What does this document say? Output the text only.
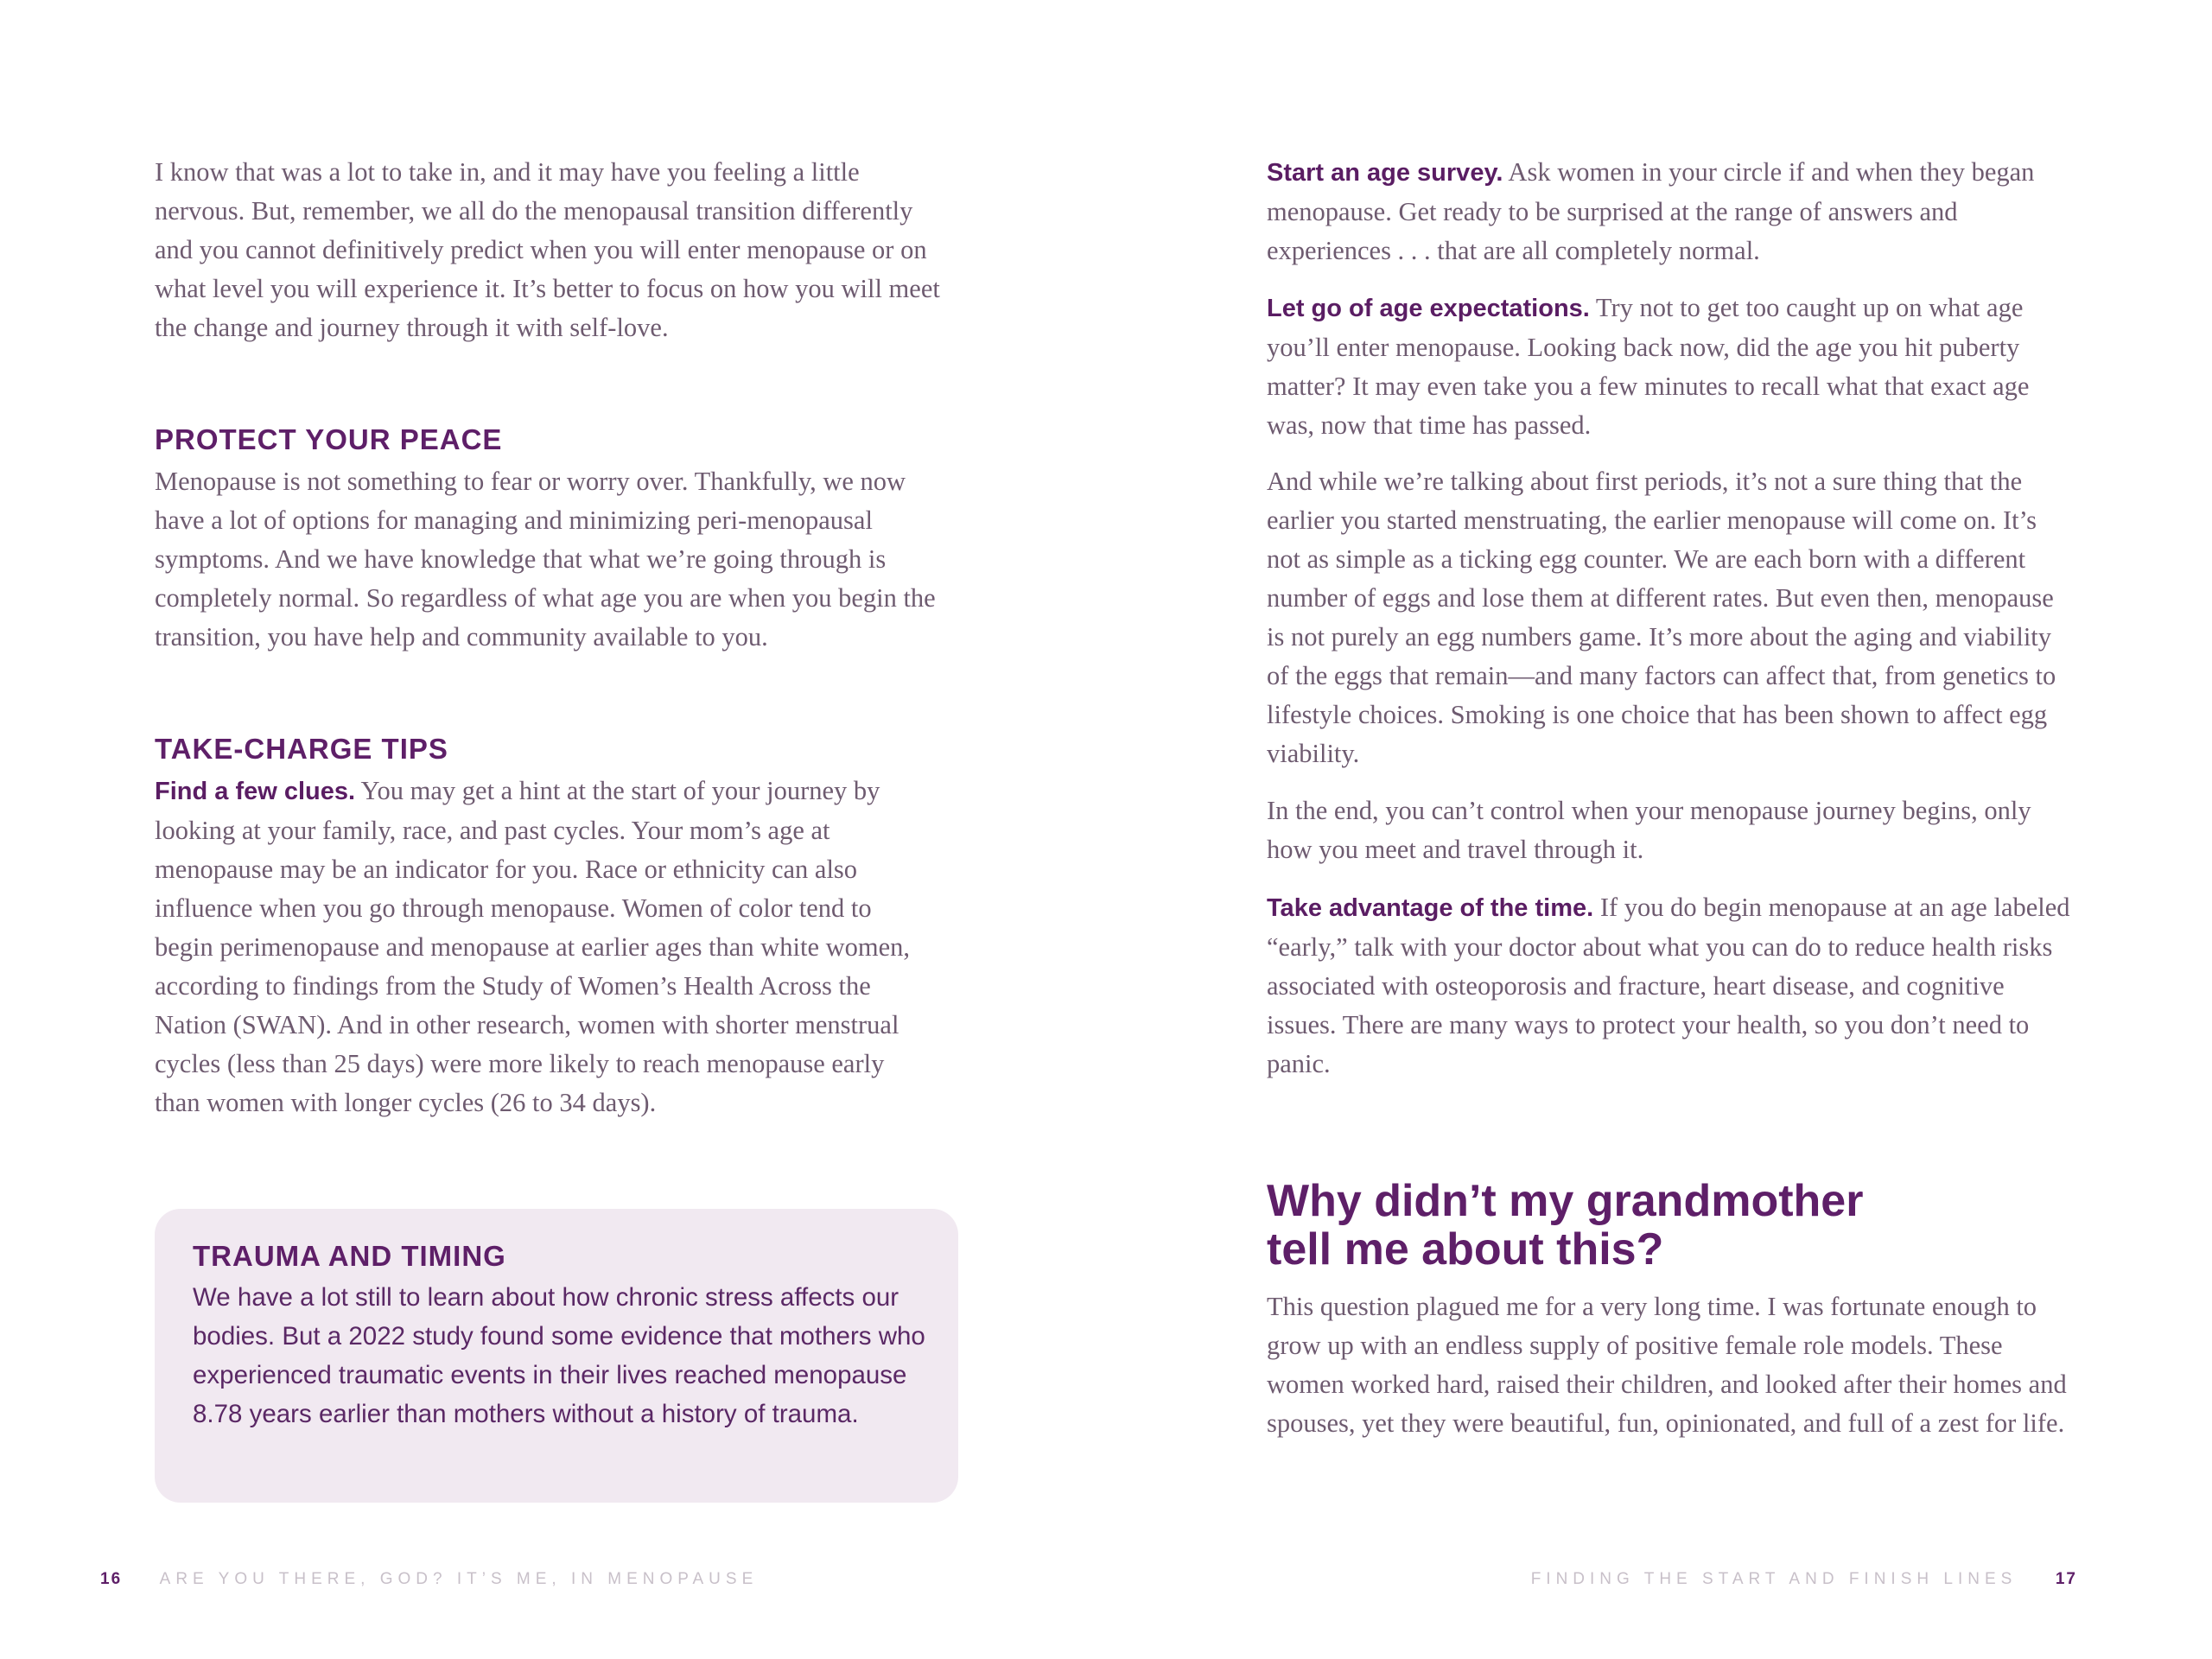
I know that was a lot to take in, and it may have you feeling a little nervous. But, remember, we all do the menopausal transition differently and you cannot definitively predict when you will enter menopause or on what level you will experience it. It’s better to focus on how you will meet the change and journey through it with self-love.

PROTECT YOUR PEACE

Menopause is not something to fear or worry over. Thankfully, we now have a lot of options for managing and minimizing peri-menopausal symptoms. And we have knowledge that what we’re going through is completely normal. So regardless of what age you are when you begin the transition, you have help and community available to you.

TAKE-CHARGE TIPS

Find a few clues. You may get a hint at the start of your journey by looking at your family, race, and past cycles. Your mom’s age at menopause may be an indicator for you. Race or ethnicity can also influence when you go through menopause. Women of color tend to begin perimenopause and menopause at earlier ages than white women, according to findings from the Study of Women’s Health Across the Nation (SWAN). And in other research, women with shorter menstrual cycles (less than 25 days) were more likely to reach menopause early than women with longer cycles (26 to 34 days).

TRAUMA AND TIMING

We have a lot still to learn about how chronic stress affects our bodies. But a 2022 study found some evidence that mothers who experienced traumatic events in their lives reached menopause 8.78 years earlier than mothers without a history of trauma.

16 ARE YOU THERE, GOD? IT’S ME, IN MENOPAUSE

Start an age survey. Ask women in your circle if and when they began menopause. Get ready to be surprised at the range of answers and experiences . . . that are all completely normal.

Let go of age expectations. Try not to get too caught up on what age you’ll enter menopause. Looking back now, did the age you hit puberty matter? It may even take you a few minutes to recall what that exact age was, now that time has passed.

And while we’re talking about first periods, it’s not a sure thing that the earlier you started menstruating, the earlier menopause will come on. It’s not as simple as a ticking egg counter. We are each born with a different number of eggs and lose them at different rates. But even then, menopause is not purely an egg numbers game. It’s more about the aging and viability of the eggs that remain—and many factors can affect that, from genetics to lifestyle choices. Smoking is one choice that has been shown to affect egg viability.

In the end, you can’t control when your menopause journey begins, only how you meet and travel through it.

Take advantage of the time. If you do begin menopause at an age labeled “early,” talk with your doctor about what you can do to reduce health risks associated with osteoporosis and fracture, heart disease, and cognitive issues. There are many ways to protect your health, so you don’t need to panic.

Why didn’t my grandmother
tell me about this?

This question plagued me for a very long time. I was fortunate enough to grow up with an endless supply of positive female role models. These women worked hard, raised their children, and looked after their homes and spouses, yet they were beautiful, fun, opinionated, and full of a zest for life.

FINDING THE START AND FINISH LINES 17
